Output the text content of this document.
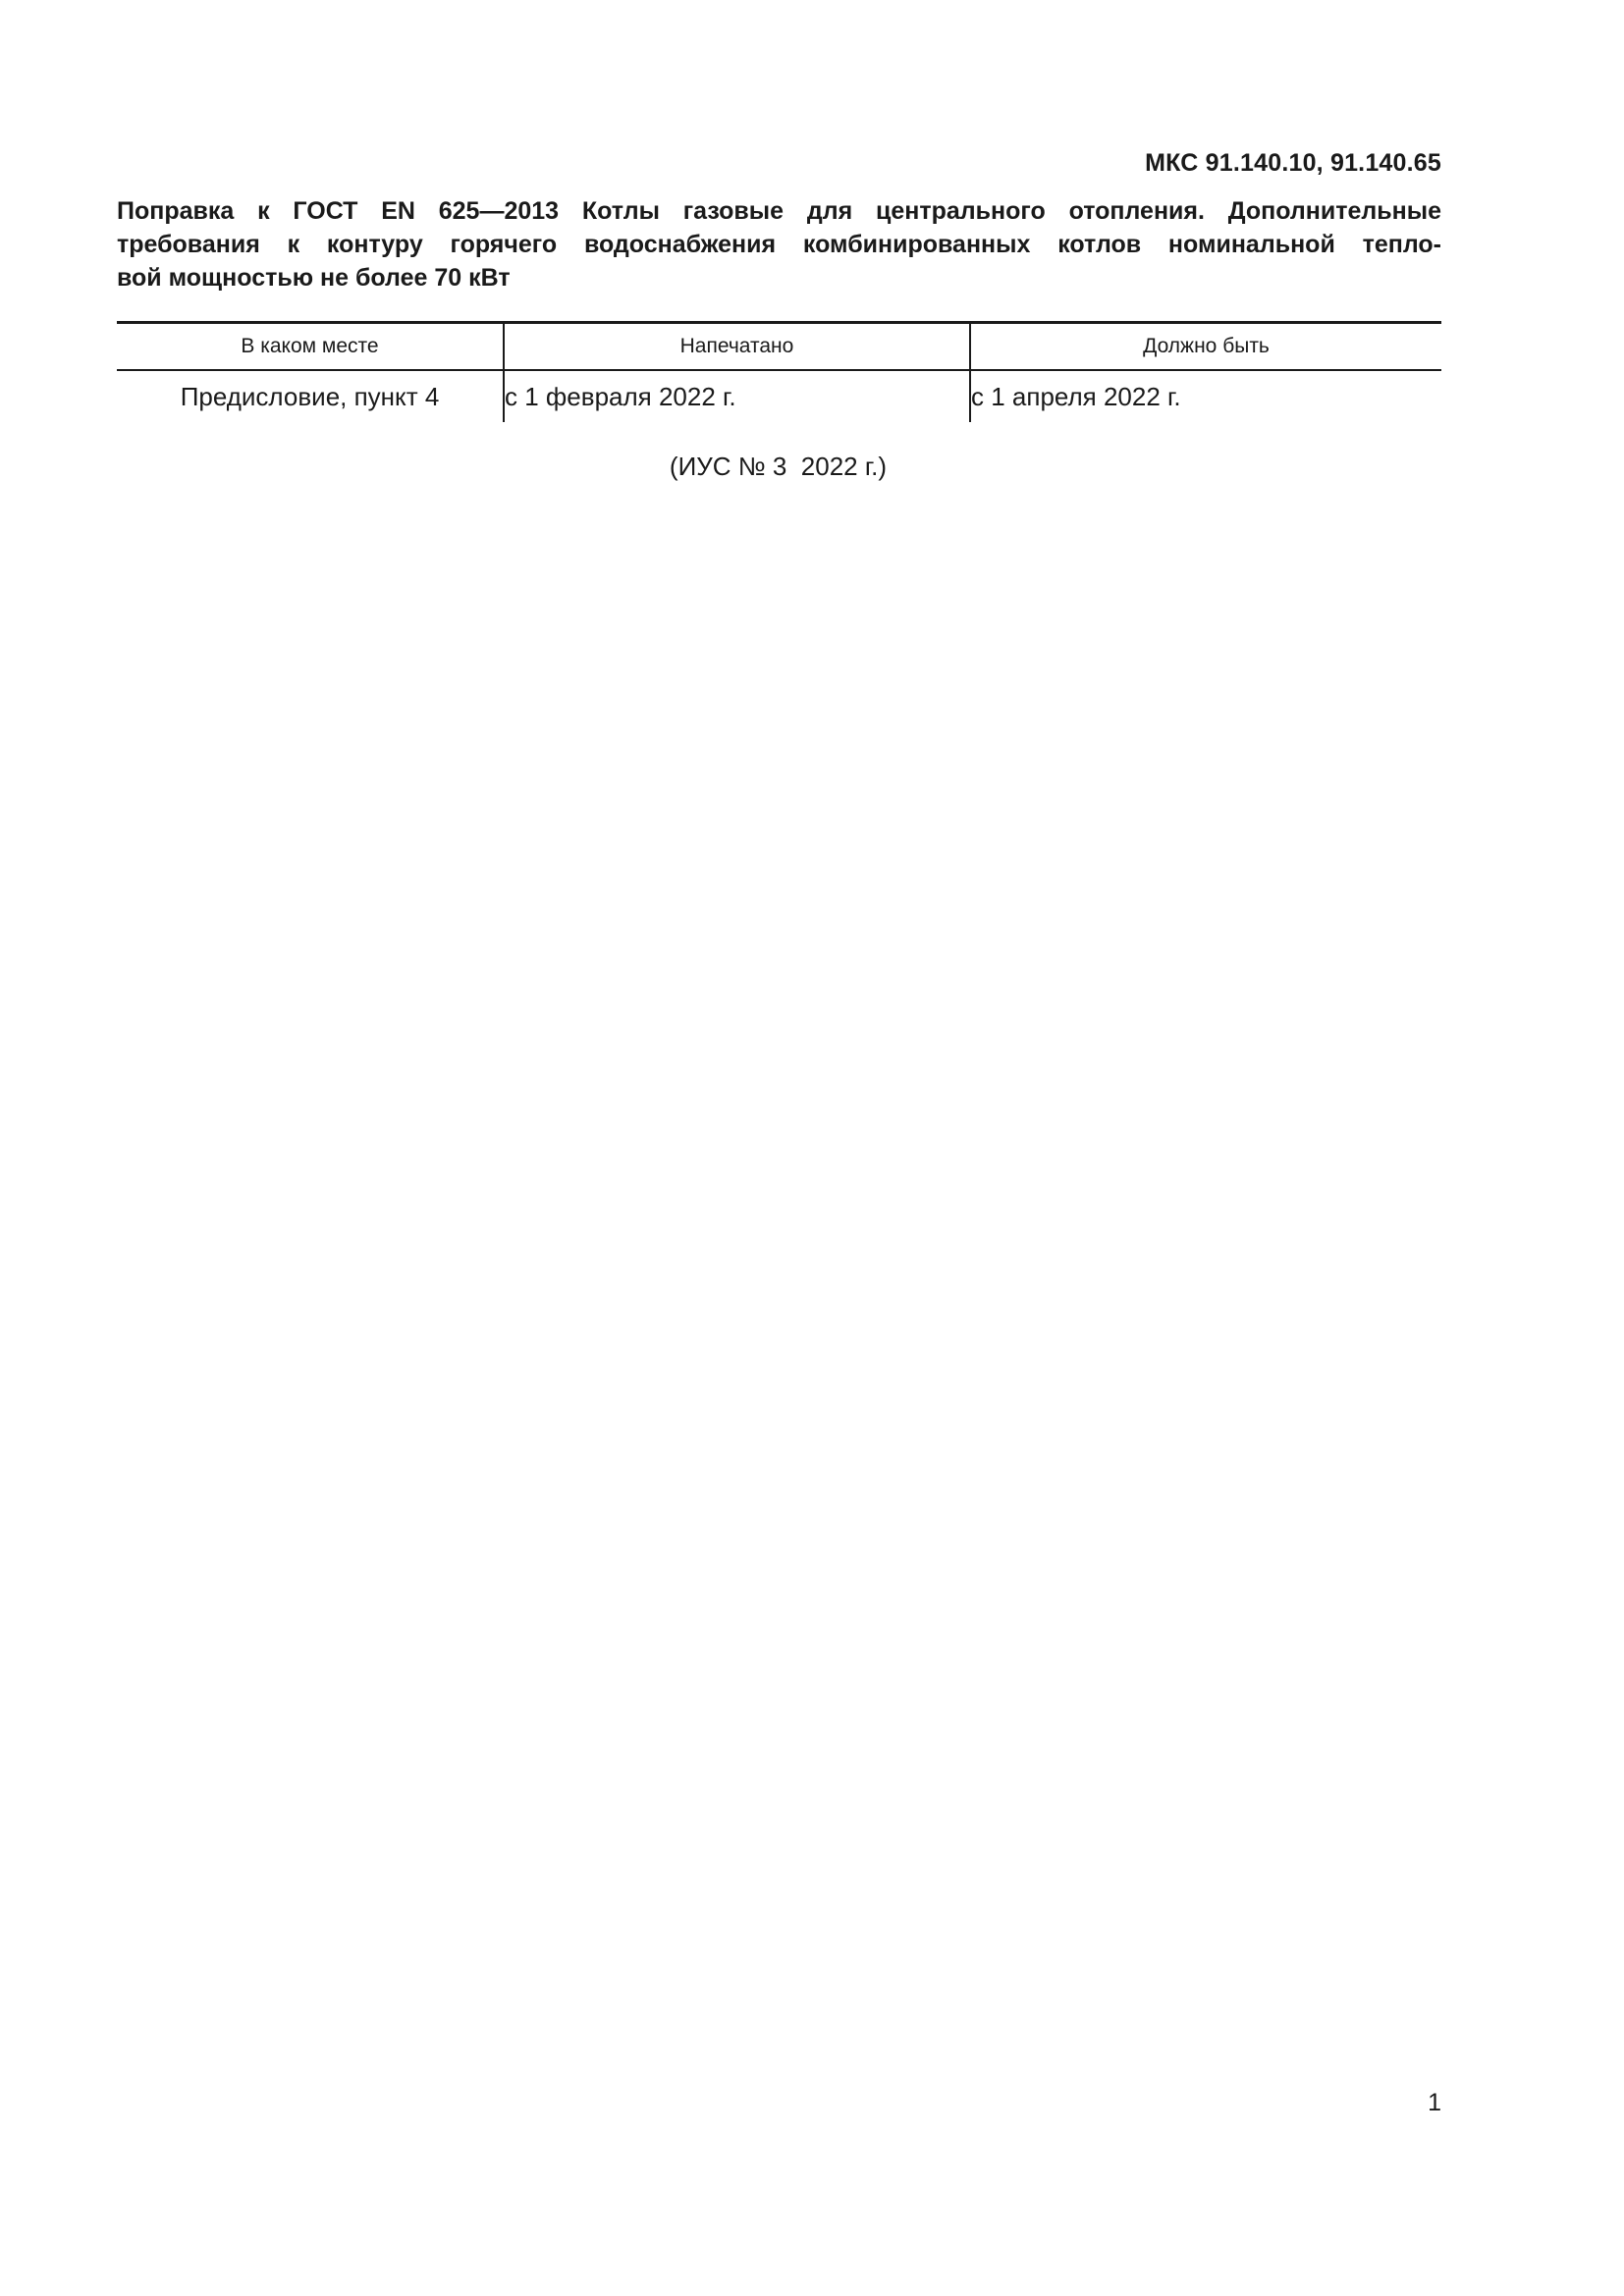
МКС 91.140.10, 91.140.65
Поправка к ГОСТ EN 625—2013 Котлы газовые для центрального отопления. Дополнительные
требования к контуру горячего водоснабжения комбинированных котлов номинальной тепло-
вой мощностью не более 70 кВт
В каком месте	Напечатано	Должно быть
Предисловие, пункт 4	с 1 февраля 2022 г.	с 1 апреля 2022 г.
(ИУС № 3  2022 г.)
1
